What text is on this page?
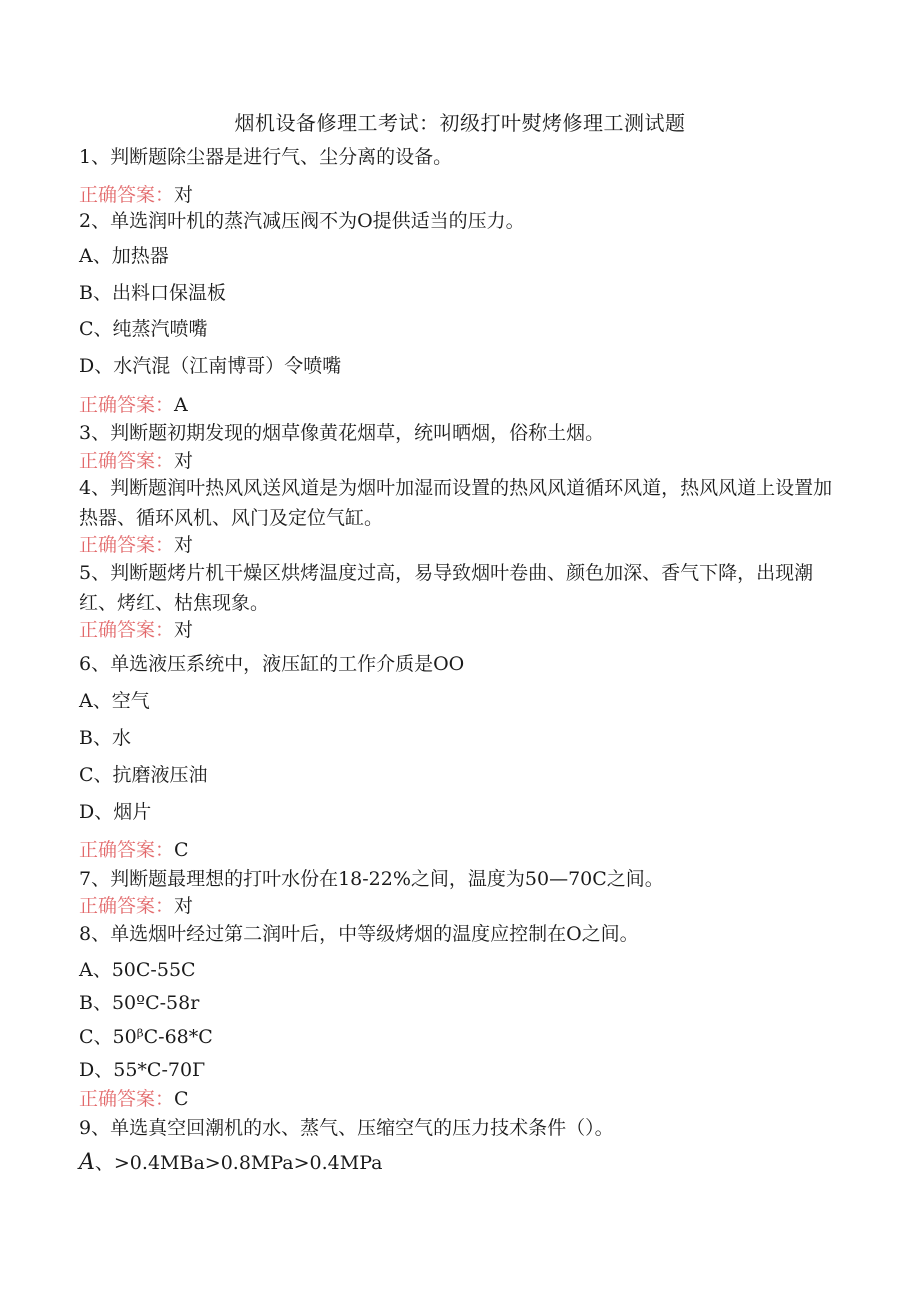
烟机设备修理工考试：初级打叶熨烤修理工测试题
1、判断题除尘器是进行气、尘分离的设备。
正确答案：对
2、单选润叶机的蒸汽减压阀不为O提供适当的压力。
A、加热器
B、出料口保温板
C、纯蒸汽喷嘴
D、水汽混（江南博哥）令喷嘴
正确答案：A
3、判断题初期发现的烟草像黄花烟草，统叫晒烟，俗称土烟。
正确答案：对
4、判断题润叶热风风送风道是为烟叶加湿而设置的热风风道循环风道，热风风道上设置加热器、循环风机、风门及定位气缸。
正确答案：对
5、判断题烤片机干燥区烘烤温度过高，易导致烟叶卷曲、颜色加深、香气下降，出现潮红、烤红、枯焦现象。
正确答案：对
6、单选液压系统中，液压缸的工作介质是OO
A、空气
B、水
C、抗磨液压油
D、烟片
正确答案：C
7、判断题最理想的打叶水份在18-22%之间，温度为50—70C之间。
正确答案：对
8、单选烟叶经过第二润叶后，中等级烤烟的温度应控制在O之间。
A、50C-55C
B、50ºC-58r
C、50ᵝC-68*C
D、55*C-70Γ
正确答案：C
9、单选真空回潮机的水、蒸气、压缩空气的压力技术条件（）。
A、>0.4MBa>0.8MPa>0.4MPa
